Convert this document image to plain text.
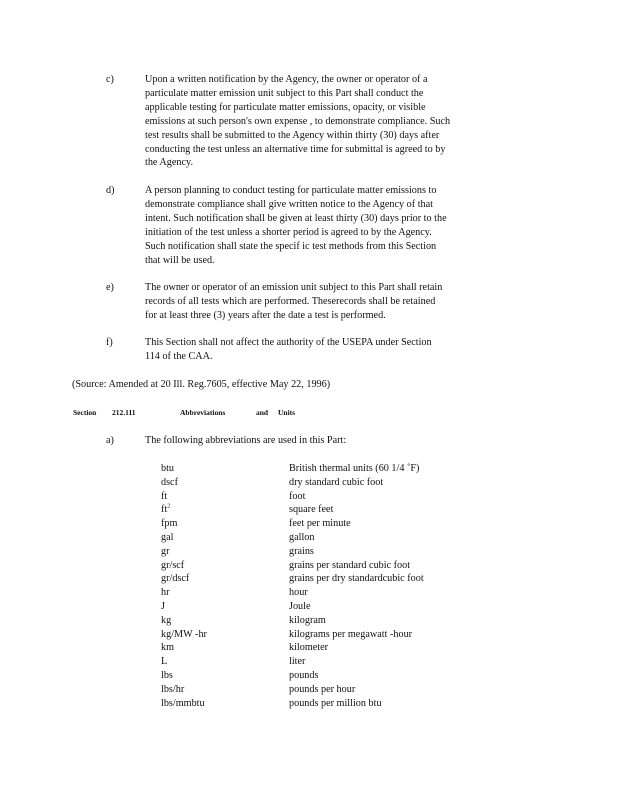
c)	Upon a written notification by the Agency, the owner or operator of a
particulate matter emission unit subject to this Part shall conduct the
applicable testing for particulate matter emissions, opacity, or visible
emissions at such person's own expense , to demonstrate compliance. Such
test results shall be submitted to the Agency within thirty (30) days after
conducting the test unless an alternative time for submittal is agreed to by
the Agency.
d)	A person planning to conduct testing for particulate matter emissions to
demonstrate compliance shall give written notice to the Agency of that
intent. Such notification shall be given at least thirty (30) days prior to the
initiation of the test unless a shorter period is agreed to by the Agency.
Such notification shall state the specif ic test methods from this Section
that will be used.
e)	The owner or operator of an emission unit subject to this Part shall retain
records of all tests which are performed. Theserecords shall be retained
for at least three (3) years after the date a test is performed.
f)	This Section shall not affect the authority of the USEPA under Section
114 of the CAA.
(Source: Amended at 20 Ill. Reg.7605, effective May 22, 1996)
Section 212.111	Abbreviations	and Units
a)	The following abbreviations are used in this Part:
btu	British thermal units (60 1/4 ˚F)
dscf	dry standard cubic foot
ft	foot
$ft^2$	square feet
fpm	feet per minute
gal	gallon
gr	grains
gr/scf	grains per standard cubic foot
gr/dscf	grains per dry standardcubic foot
hr	hour
J	Joule
kg	kilogram
kg/MW -hr	kilograms per megawatt -hour
km	kilometer
L	liter
lbs	pounds
lbs/hr	pounds per hour
lbs/mmbtu	pounds per million btu
